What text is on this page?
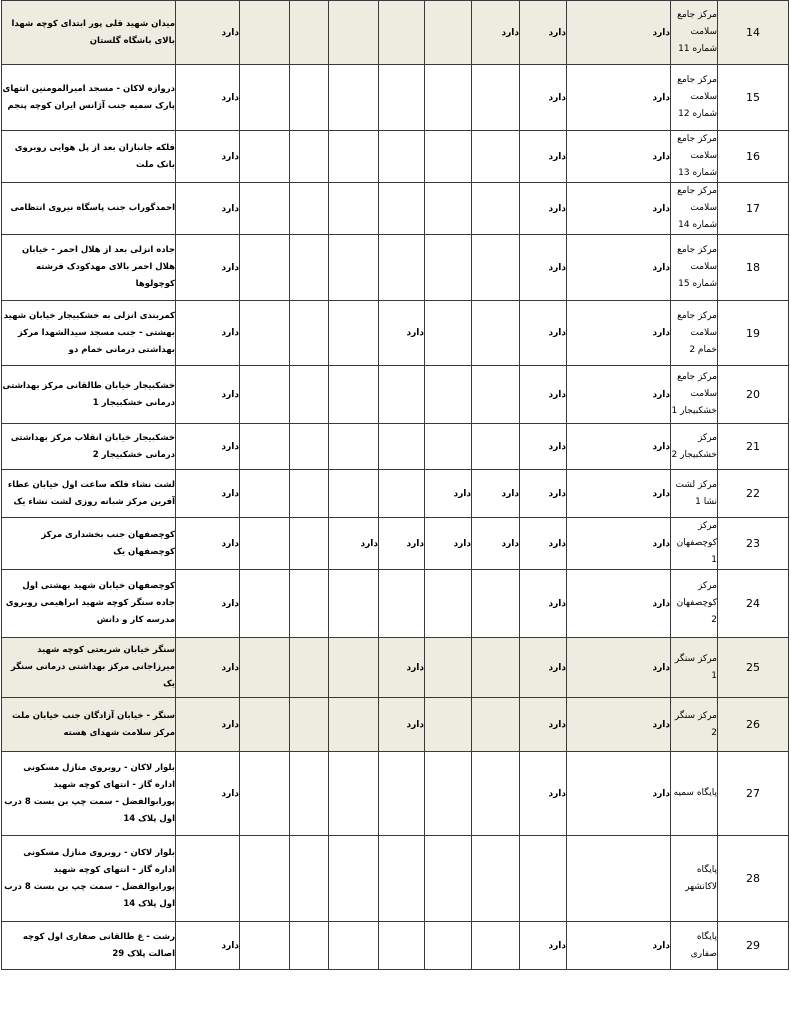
میدان شهید قلی پور ابتدای کوچه شهدا بالای باشگاه گلستان	دارد						دارد	دارد	دارد	مرکز جامع سلامت شماره 11	14	
دروازه لاکان - مسجد امیرالمومنین انتهای پارک سمیه جنب آژانس ایران کوچه پنجم	دارد							دارد	دارد	مرکز جامع سلامت شماره 12	15	
فلکه جانبازان بعد از پل هوایی روبروی بانک ملت	دارد							دارد	دارد	مرکز جامع سلامت شماره 13	16	
احمدگوراب جنب پاسگاه نیروی انتظامی	دارد							دارد	دارد	مرکز جامع سلامت شماره 14	17	
جاده انزلی بعد از هلال احمر - خیابان هلال احمر بالای مهدکودک فرشته کوچولوها	دارد							دارد	دارد	مرکز جامع سلامت شماره 15	18	
کمربندی انزلی به خشکبیجار خیابان شهید بهشتی - جنب مسجد سیدالشهدا مرکز بهداشتی درمانی خمام دو	دارد				دارد			دارد	دارد	مرکز جامع سلامت خمام 2	19	
خشکبیجار خیابان طالقانی مرکز بهداشتی درمانی خشکبیجار 1	دارد							دارد	دارد	مرکز جامع سلامت خشکبیجار 1	20	
خشکبیجار خیابان انقلاب مرکز بهداشتی درمانی خشکبیجار 2	دارد							دارد	دارد	مرکز خشکبیجار 2	21	
لشت نشاء فلکه ساعت اول خیابان عطاء آفرین مرکز شبانه روزی لشت نشاء یک	دارد					دارد	دارد	دارد	دارد	مرکز لشت نشا 1	22	
کوچصفهان جنب بخشداری مرکز کوچصفهان یک	دارد			دارد	دارد	دارد	دارد	دارد	دارد	مرکز کوچصفهان 1	23	
کوچصفهان خیابان شهید بهشتی اول جاده سنگر کوچه شهید ابراهیمی روبروی مدرسه کار و دانش	دارد							دارد	دارد	مرکز کوچصفهان 2	24	
سنگر خیابان شریعتی کوچه شهید میرزاجانی مرکز بهداشتی درمانی سنگر یک	دارد				دارد			دارد	دارد	مرکز سنگر 1	25	
سنگر - خیابان آزادگان جنب خیابان ملت مرکز سلامت شهدای هسته	دارد				دارد			دارد	دارد	مرکز سنگر 2	26	
بلوار لاکان - روبروی منازل مسکونی اداره گاز - انتهای کوچه شهید پورابوالفضل - سمت چپ بن بست 8 درب اول پلاک 14	دارد							دارد	دارد	پایگاه سمیه	27	
بلوار لاکان - روبروی منازل مسکونی اداره گاز - انتهای کوچه شهید پورابوالفضل - سمت چپ بن بست 8 درب اول پلاک 14										پایگاه لاکانشهر	28	
رشت - غ طالقانی صفاری اول کوچه اصالت پلاک 29	دارد							دارد	دارد	پایگاه صفاری	29	
